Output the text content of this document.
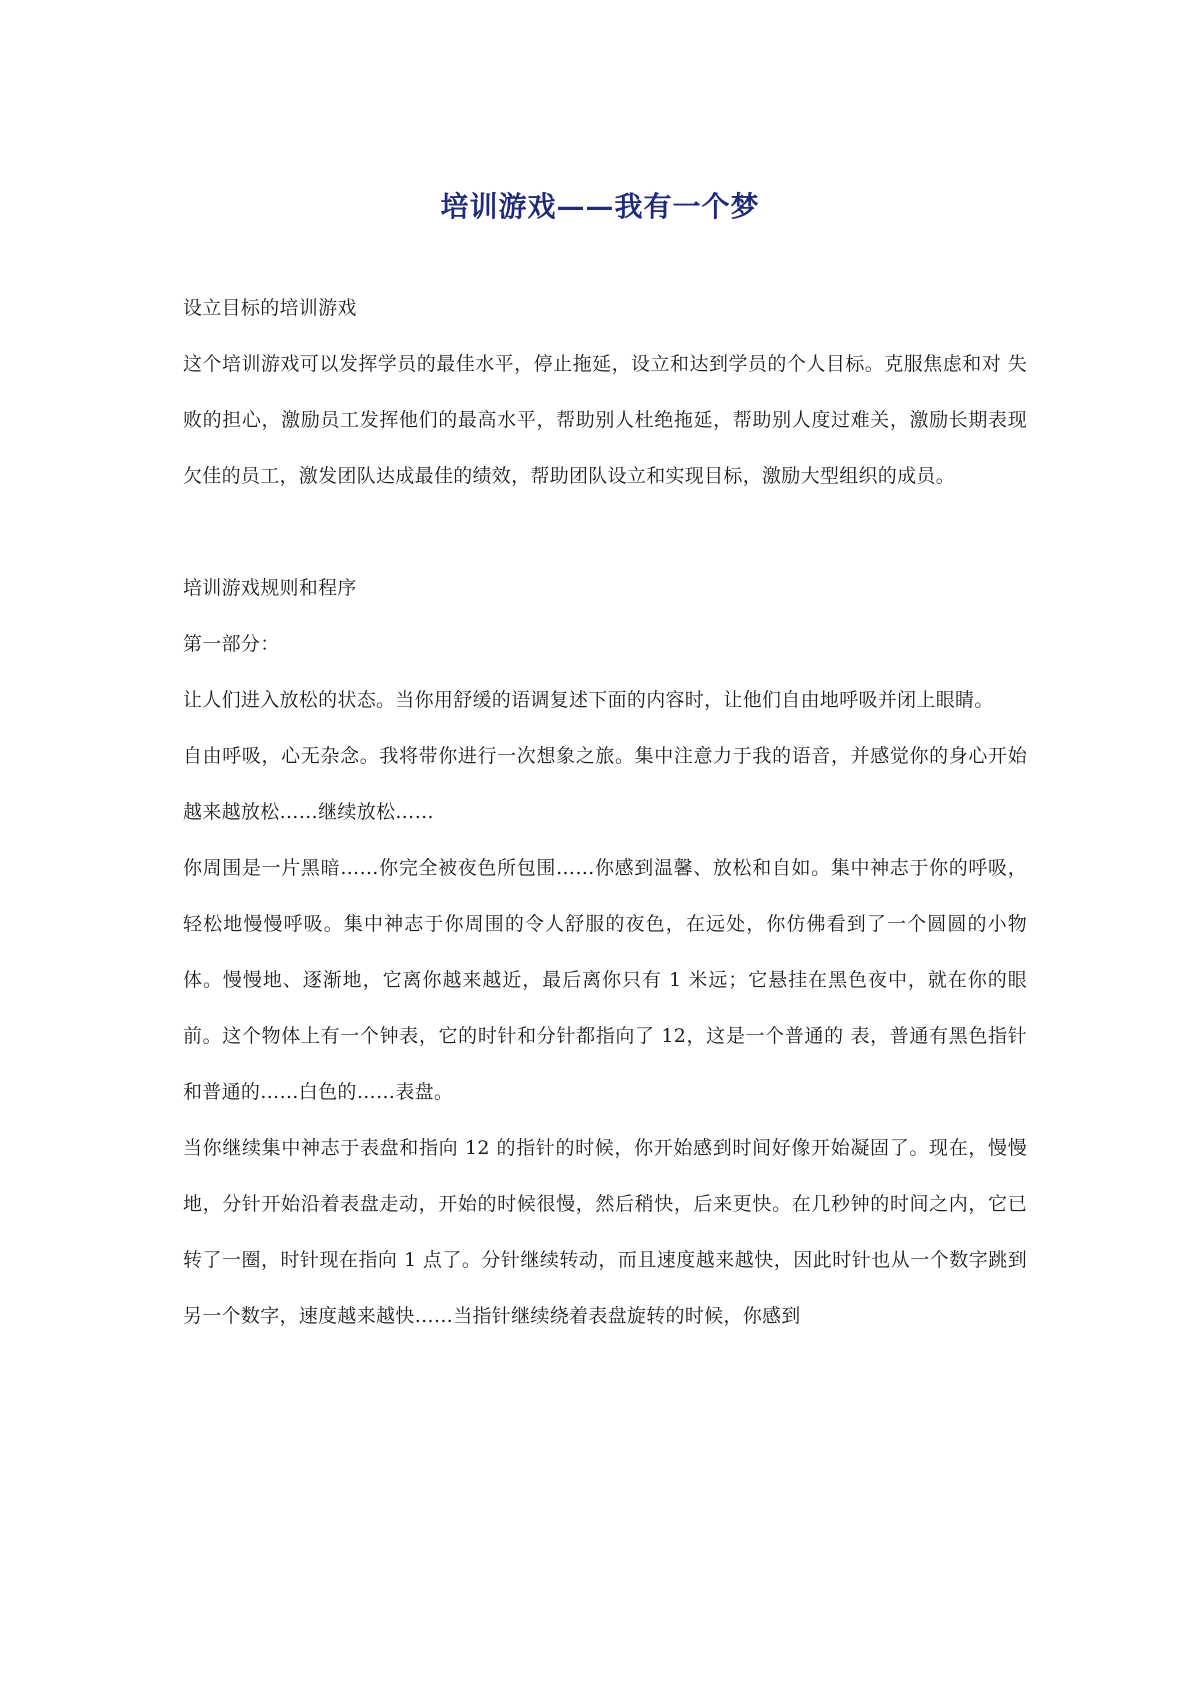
培训游戏——我有一个梦

设立目标的培训游戏

这个培训游戏可以发挥学员的最佳水平，停止拖延，设立和达到学员的个人目标。克服焦虑和对 失败的担心，激励员工发挥他们的最高水平，帮助别人杜绝拖延，帮助别人度过难关，激励长期表现欠佳的员工，激发团队达成最佳的绩效，帮助团队设立和实现目标，激励大型组织的成员。

培训游戏规则和程序

第一部分：

让人们进入放松的状态。当你用舒缓的语调复述下面的内容时，让他们自由地呼吸并闭上眼睛。

自由呼吸，心无杂念。我将带你进行一次想象之旅。集中注意力于我的语音，并感觉你的身心开始越来越放松……继续放松……

你周围是一片黑暗……你完全被夜色所包围……你感到温馨、放松和自如。集中神志于你的呼吸，轻松地慢慢呼吸。集中神志于你周围的令人舒服的夜色，在远处，你仿佛看到了一个圆圆的小物体。慢慢地、逐渐地，它离你越来越近，最后离你只有 1 米远；它悬挂在黑色夜中，就在你的眼前。这个物体上有一个钟表，它的时针和分针都指向了 12，这是一个普通的 表，普通有黑色指针和普通的……白色的……表盘。

当你继续集中神志于表盘和指向 12 的指针的时候，你开始感到时间好像开始凝固了。现在，慢慢地，分针开始沿着表盘走动，开始的时候很慢，然后稍快，后来更快。在几秒钟的时间之内，它已转了一圈，时针现在指向 1 点了。分针继续转动，而且速度越来越快，因此时针也从一个数字跳到另一个数字，速度越来越快……当指针继续绕着表盘旋转的时候，你感到
